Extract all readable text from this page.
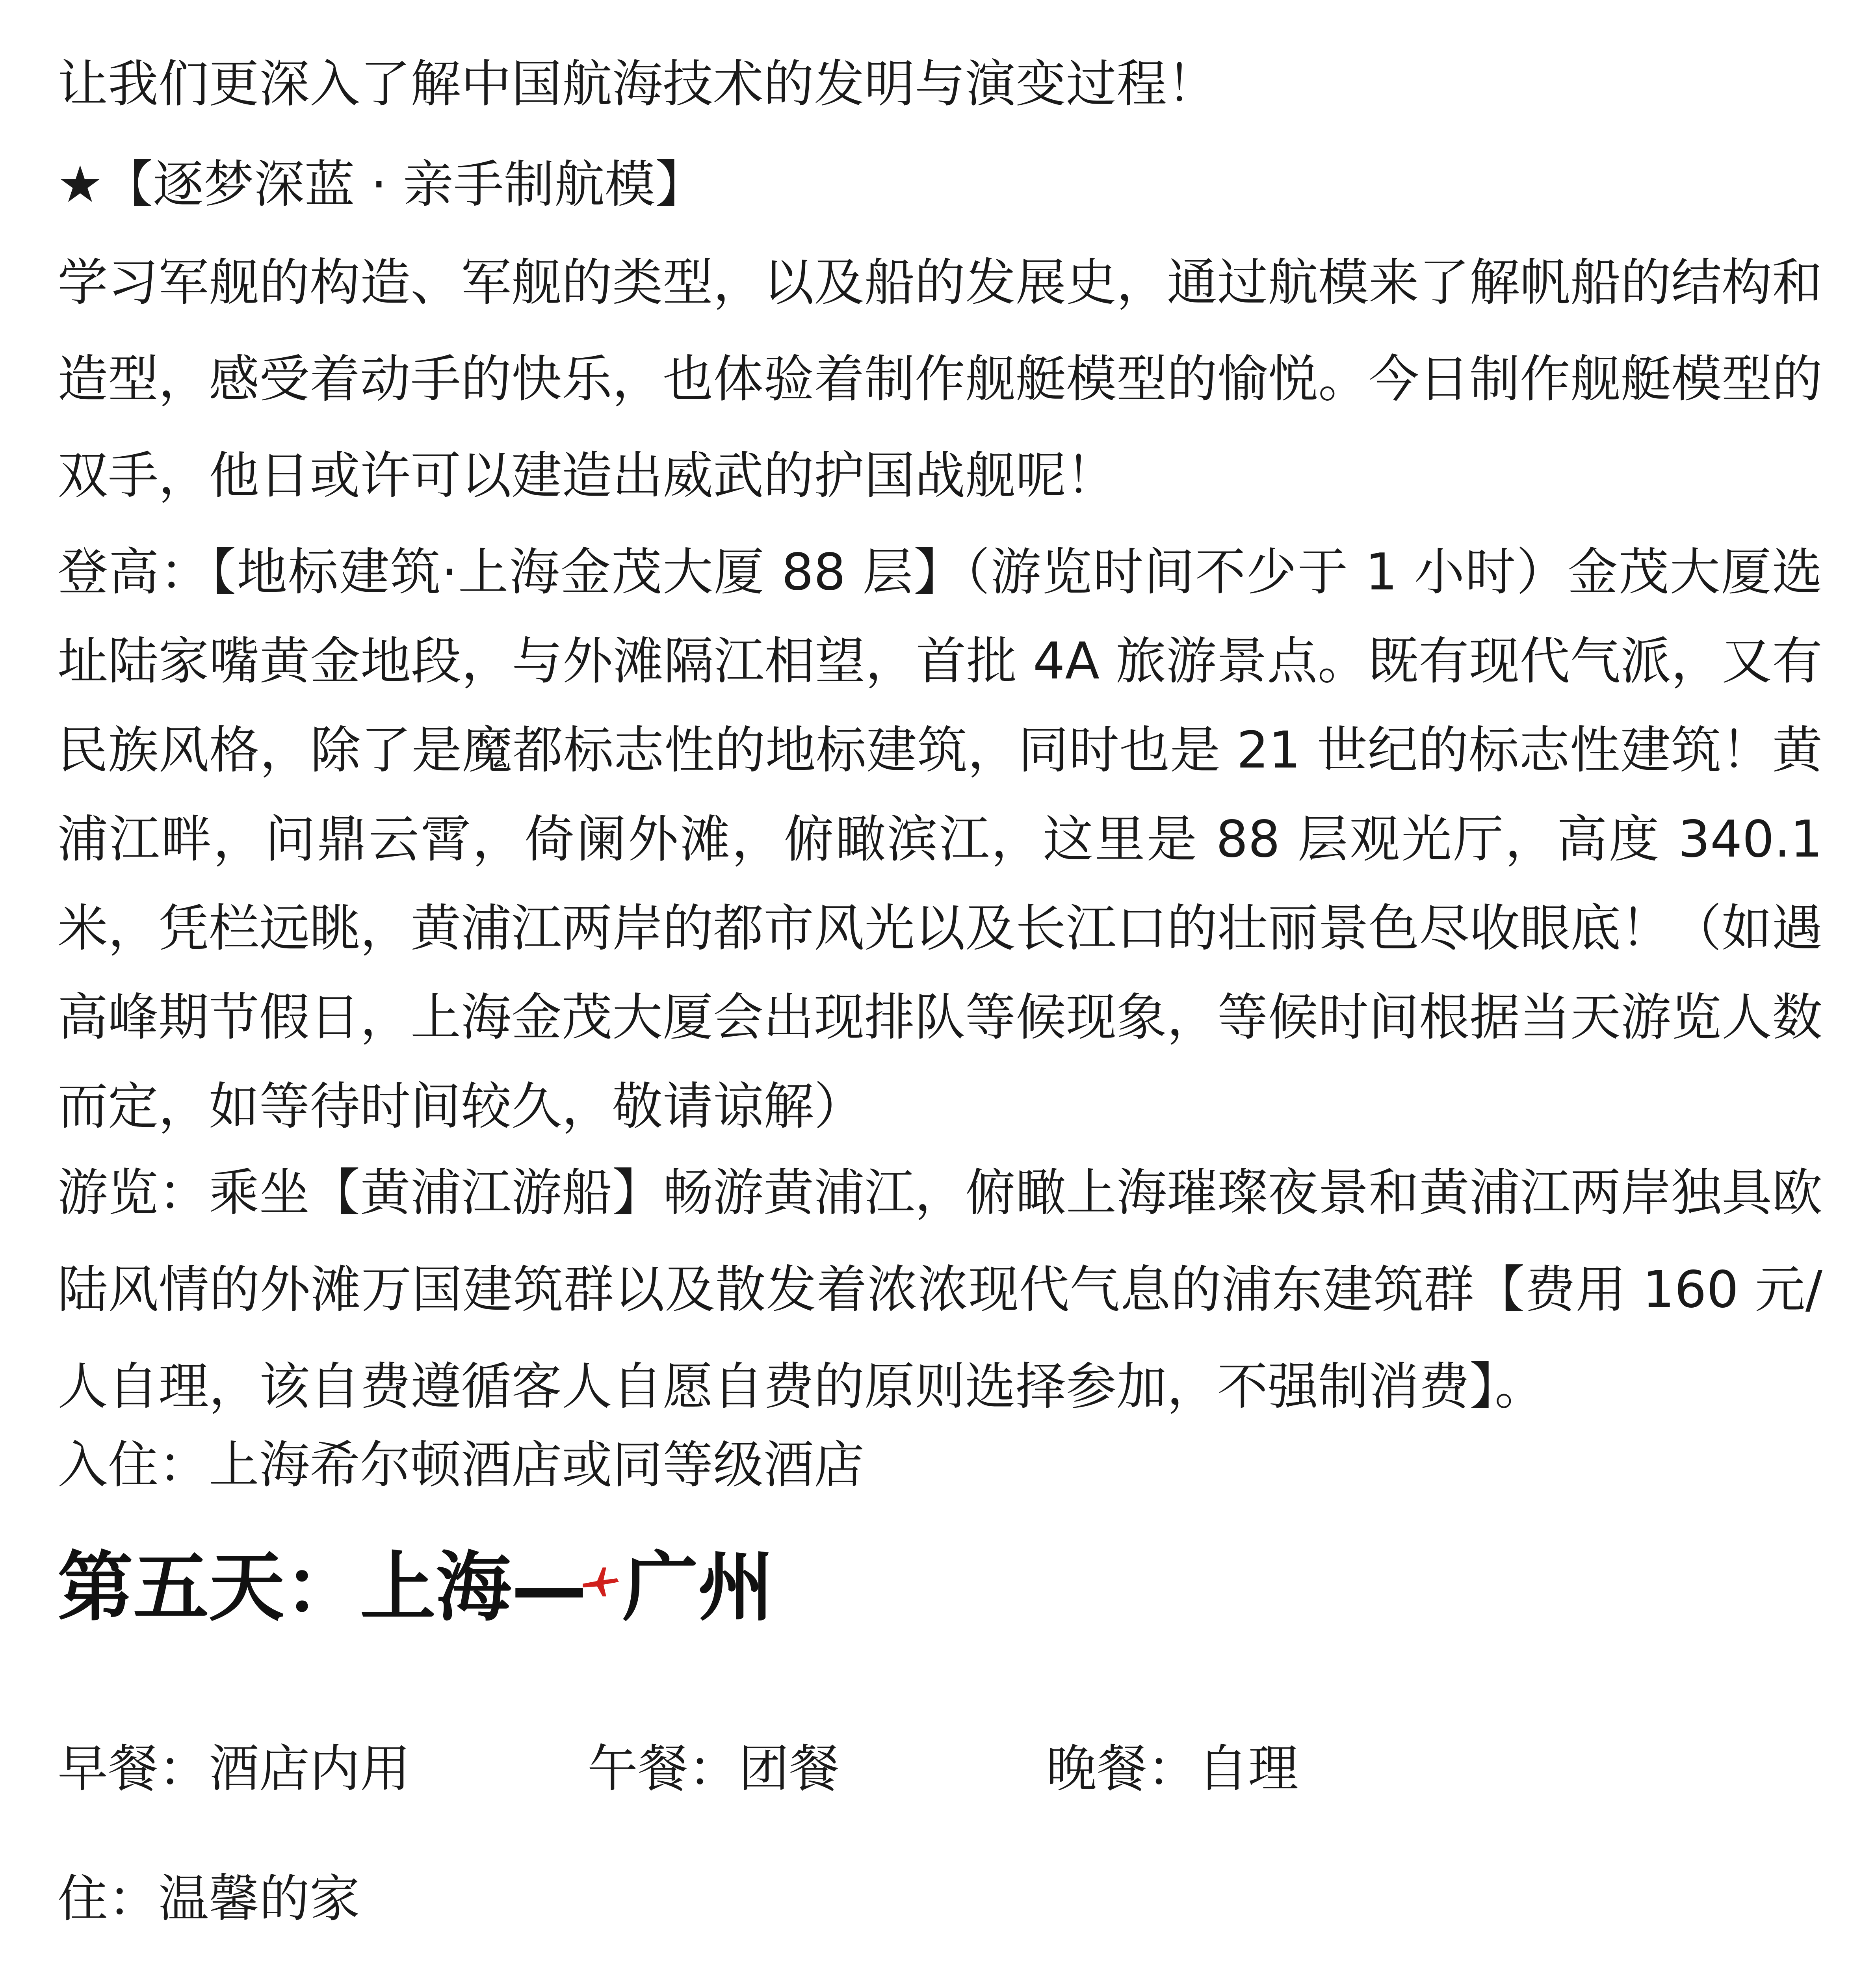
让我们更深入了解中国航海技术的发明与演变过程！

★【逐梦深蓝 · 亲手制航模】

学习军舰的构造、军舰的类型，以及船的发展史，通过航模来了解帆船的结构和造型，感受着动手的快乐，也体验着制作舰艇模型的愉悦。今日制作舰艇模型的双手，他日或许可以建造出威武的护国战舰呢！

登高：【地标建筑·上海金茂大厦 88 层】（游览时间不少于 1 小时）金茂大厦选址陆家嘴黄金地段，与外滩隔江相望，首批 4A 旅游景点。既有现代气派，又有民族风格，除了是魔都标志性的地标建筑，同时也是 21 世纪的标志性建筑！黄浦江畔，问鼎云霄，倚阑外滩，俯瞰滨江，这里是 88 层观光厅，高度 340.1 米，凭栏远眺，黄浦江两岸的都市风光以及长江口的壮丽景色尽收眼底！（如遇高峰期节假日，上海金茂大厦会出现排队等候现象，等候时间根据当天游览人数而定，如等待时间较久，敬请谅解）

游览：乘坐【黄浦江游船】畅游黄浦江，俯瞰上海璀璨夜景和黄浦江两岸独具欧陆风情的外滩万国建筑群以及散发着浓浓现代气息的浦东建筑群【费用 160 元/人自理，该自费遵循客人自愿自费的原则选择参加，不强制消费】。

入住：上海希尔顿酒店或同等级酒店

第五天：上海— 广州
早餐：酒店内用	午餐：团餐	晚餐：自理

住：温馨的家
